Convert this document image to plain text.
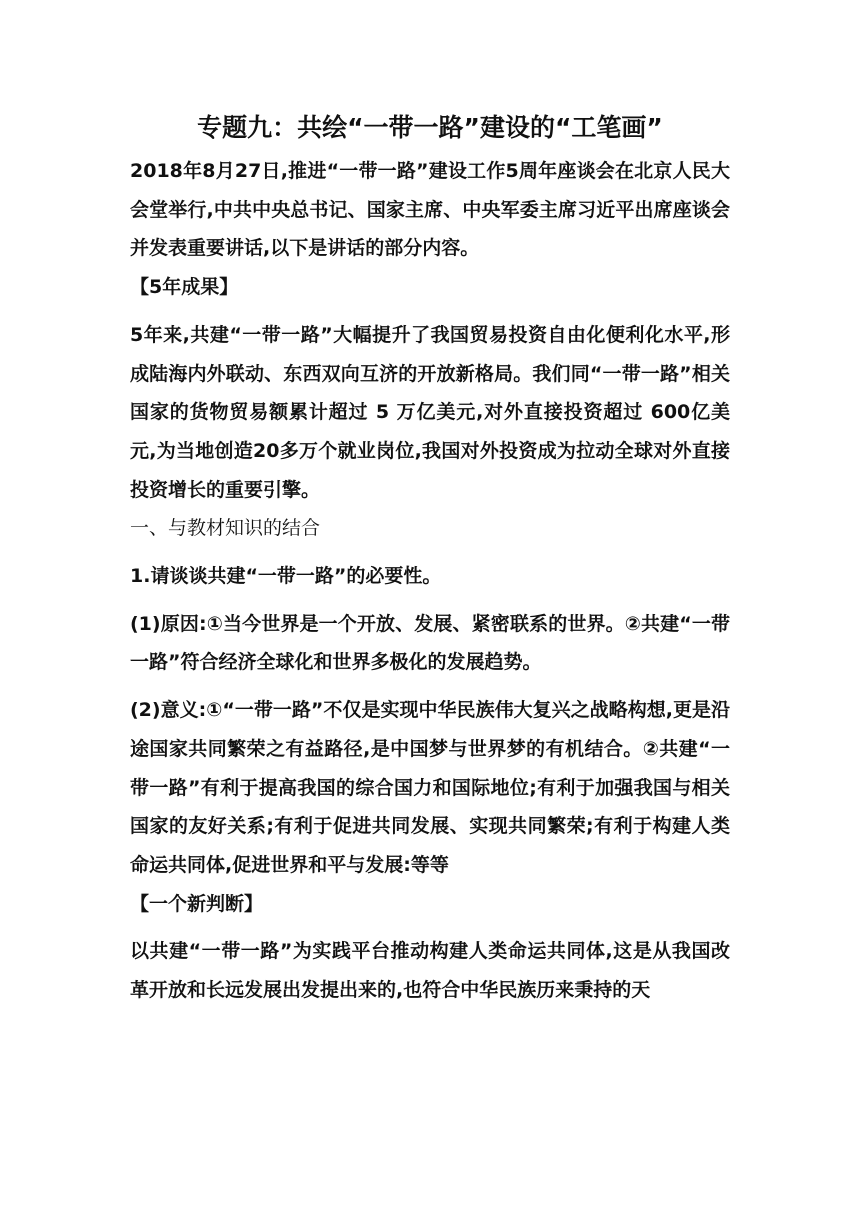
专题九：共绘“一带一路”建设的“工笔画”

2018年8月27日,推进“一带一路”建设工作5周年座谈会在北京人民大会堂举行,中共中央总书记、国家主席、中央军委主席习近平出席座谈会并发表重要讲话,以下是讲话的部分内容。

【5年成果】

5年来,共建“一带一路”大幅提升了我国贸易投资自由化便利化水平,形成陆海内外联动、东西双向互济的开放新格局。我们同“一带一路”相关国家的货物贸易额累计超过 5 万亿美元,对外直接投资超过 600亿美元,为当地创造20多万个就业岗位,我国对外投资成为拉动全球对外直接投资增长的重要引擎。

一、与教材知识的结合

1.请谈谈共建“一带一路”的必要性。

(1)原因:①当今世界是一个开放、发展、紧密联系的世界。②共建“一带一路”符合经济全球化和世界多极化的发展趋势。

(2)意义:①“一带一路”不仅是实现中华民族伟大复兴之战略构想,更是沿途国家共同繁荣之有益路径,是中国梦与世界梦的有机结合。②共建“一带一路”有利于提高我国的综合国力和国际地位;有利于加强我国与相关国家的友好关系;有利于促进共同发展、实现共同繁荣;有利于构建人类命运共同体,促进世界和平与发展:等等

【一个新判断】

以共建“一带一路”为实践平台推动构建人类命运共同体,这是从我国改革开放和长远发展出发提出来的,也符合中华民族历来秉持的天
